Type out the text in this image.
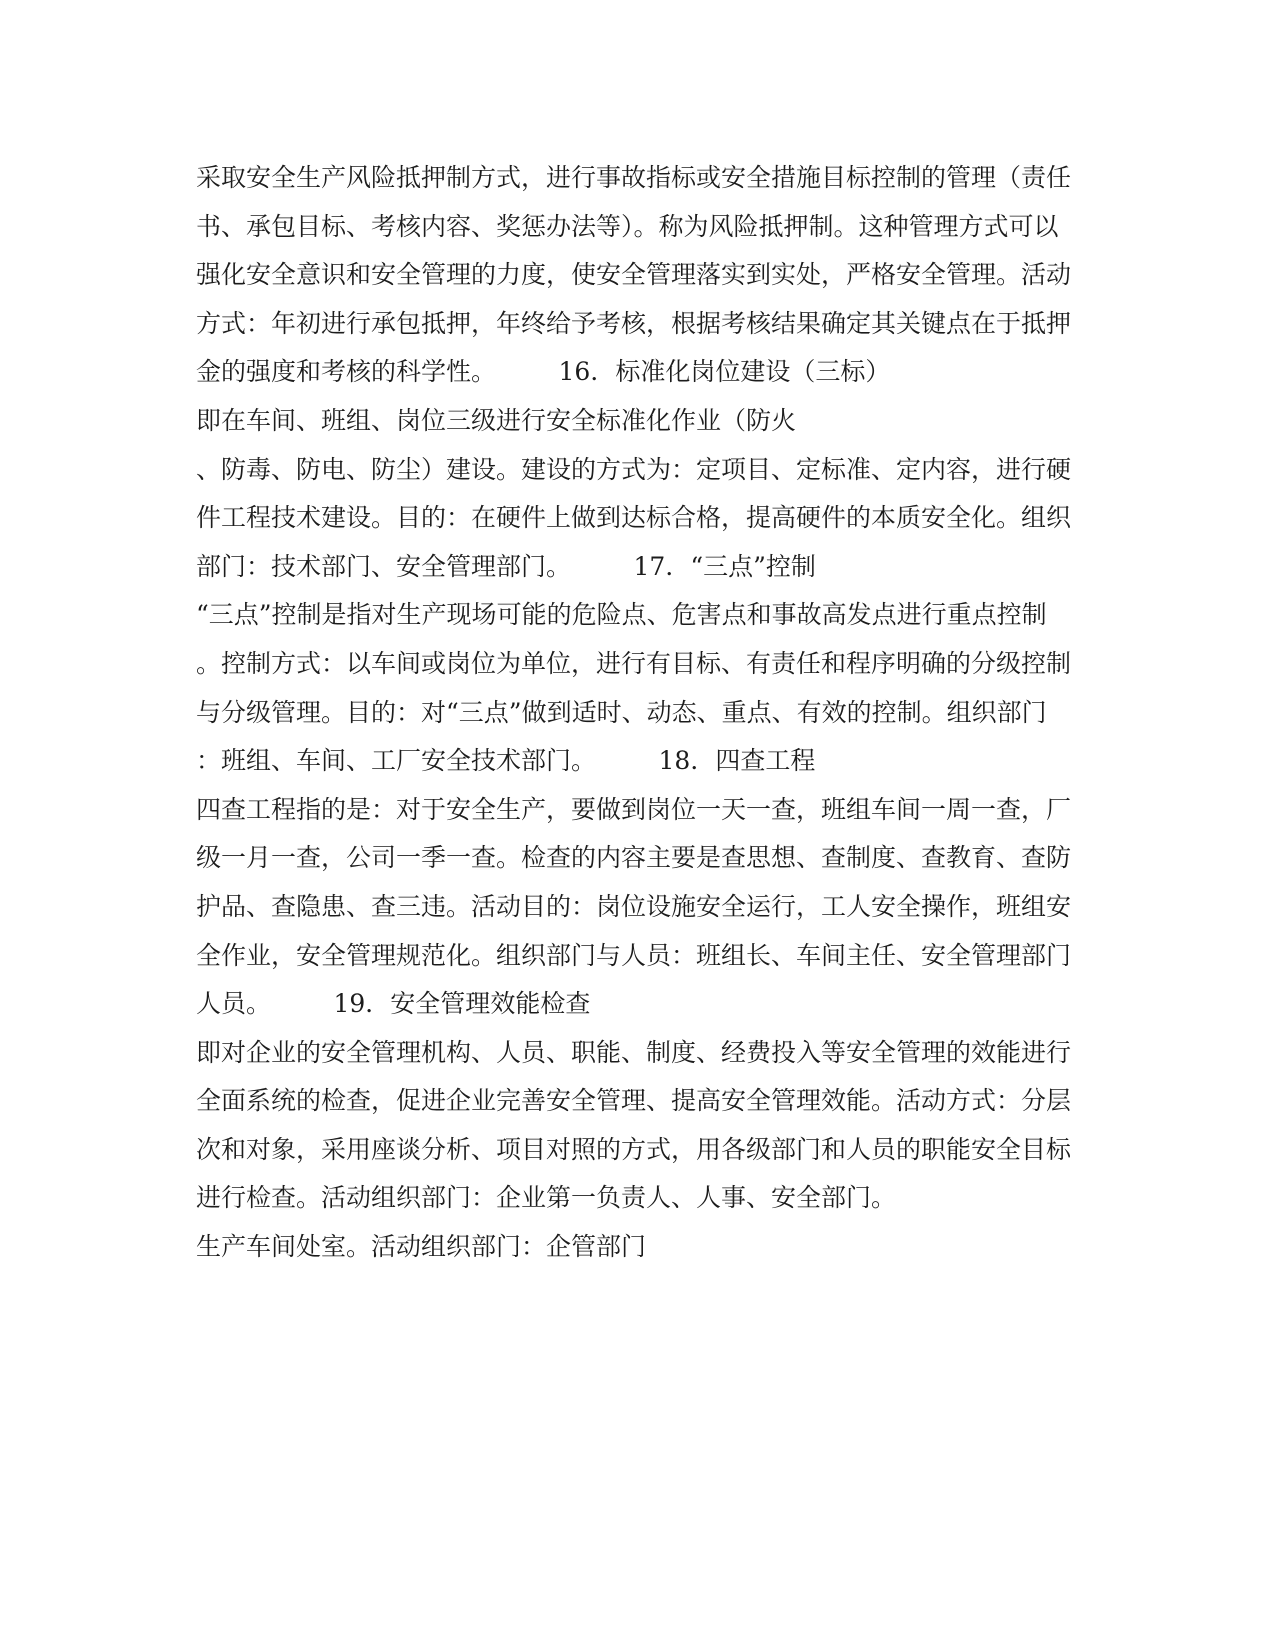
采取安全生产风险抵押制方式，进行事故指标或安全措施目标控制的管理（责任
书、承包目标、考核内容、奖惩办法等）。称为风险抵押制。这种管理方式可以
强化安全意识和安全管理的力度，使安全管理落实到实处，严格安全管理。活动
方式：年初进行承包抵押，年终给予考核，根据考核结果确定其关键点在于抵押
金的强度和考核的科学性。　　　16．标准化岗位建设（三标）
即在车间、班组、岗位三级进行安全标准化作业（防火
、防毒、防电、防尘）建设。建设的方式为：定项目、定标准、定内容，进行硬
件工程技术建设。目的：在硬件上做到达标合格，提高硬件的本质安全化。组织
部门：技术部门、安全管理部门。　　　17．“三点”控制
“三点”控制是指对生产现场可能的危险点、危害点和事故高发点进行重点控制
。控制方式：以车间或岗位为单位，进行有目标、有责任和程序明确的分级控制
与分级管理。目的：对“三点”做到适时、动态、重点、有效的控制。组织部门
：班组、车间、工厂安全技术部门。　　　18．四查工程
四查工程指的是：对于安全生产，要做到岗位一天一查，班组车间一周一查，厂
级一月一查，公司一季一查。检查的内容主要是查思想、查制度、查教育、查防
护品、查隐患、查三违。活动目的：岗位设施安全运行，工人安全操作，班组安
全作业，安全管理规范化。组织部门与人员：班组长、车间主任、安全管理部门
人员。　　　19．安全管理效能检查
即对企业的安全管理机构、人员、职能、制度、经费投入等安全管理的效能进行
全面系统的检查，促进企业完善安全管理、提高安全管理效能。活动方式：分层
次和对象，采用座谈分析、项目对照的方式，用各级部门和人员的职能安全目标
进行检查。活动组织部门：企业第一负责人、人事、安全部门。
生产车间处室。活动组织部门：企管部门
